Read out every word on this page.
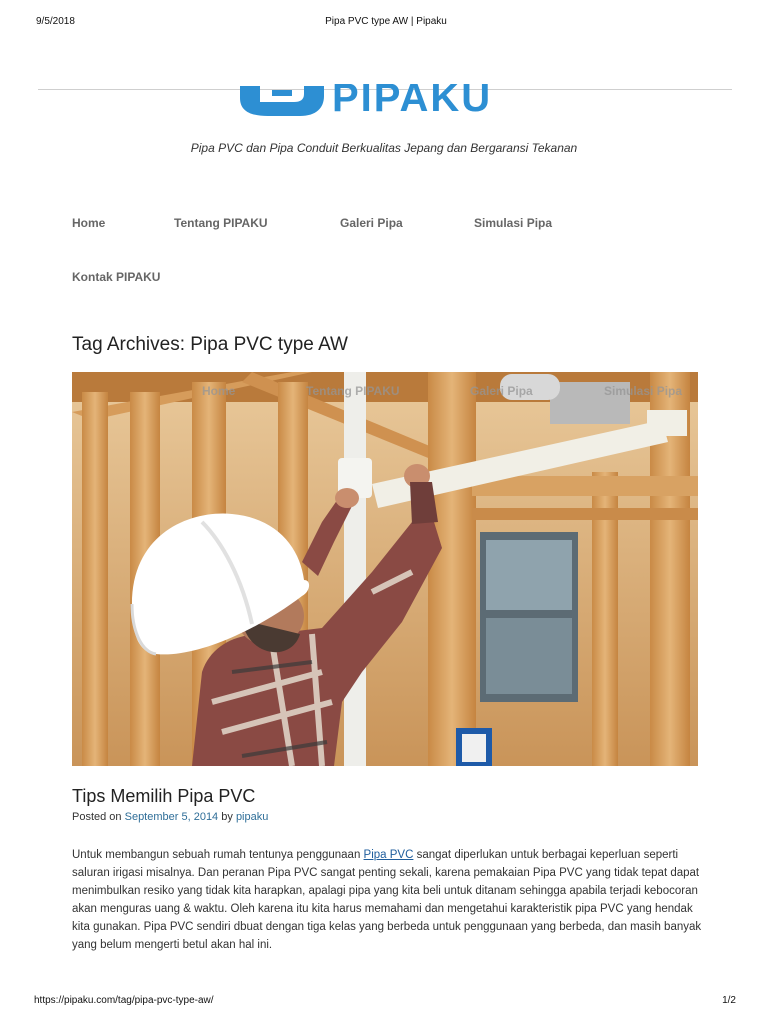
9/5/2018	Pipa PVC type AW | Pipaku
PIPAKU
Pipa PVC dan Pipa Conduit Berkualitas Jepang dan Bergaransi Tekanan
Home	Tentang PIPAKU	Galeri Pipa	Simulasi Pipa
Kontak PIPAKU
Tag Archives: Pipa PVC type AW
Home	Tentang PIPAKU	Galeri Pipa	Simulasi Pipa
Tips Memilih Pipa PVC
Posted on September 5, 2014 by pipaku

Untuk membangun sebuah rumah tentunya penggunaan Pipa PVC sangat diperlukan untuk berbagai keperluan seperti saluran irigasi misalnya. Dan peranan Pipa PVC sangat penting sekali, karena pemakaian Pipa PVC yang tidak tepat dapat menimbulkan resiko yang tidak kita harapkan, apalagi pipa yang kita beli untuk ditanam sehingga apabila terjadi kebocoran akan menguras uang & waktu. Oleh karena itu kita harus memahami dan mengetahui karakteristik pipa PVC yang hendak kita gunakan. Pipa PVC sendiri dbuat dengan tiga kelas yang berbeda untuk penggunaan yang berbeda, dan masih banyak yang belum mengerti betul akan hal ini.

https://pipaku.com/tag/pipa-pvc-type-aw/	1/2
